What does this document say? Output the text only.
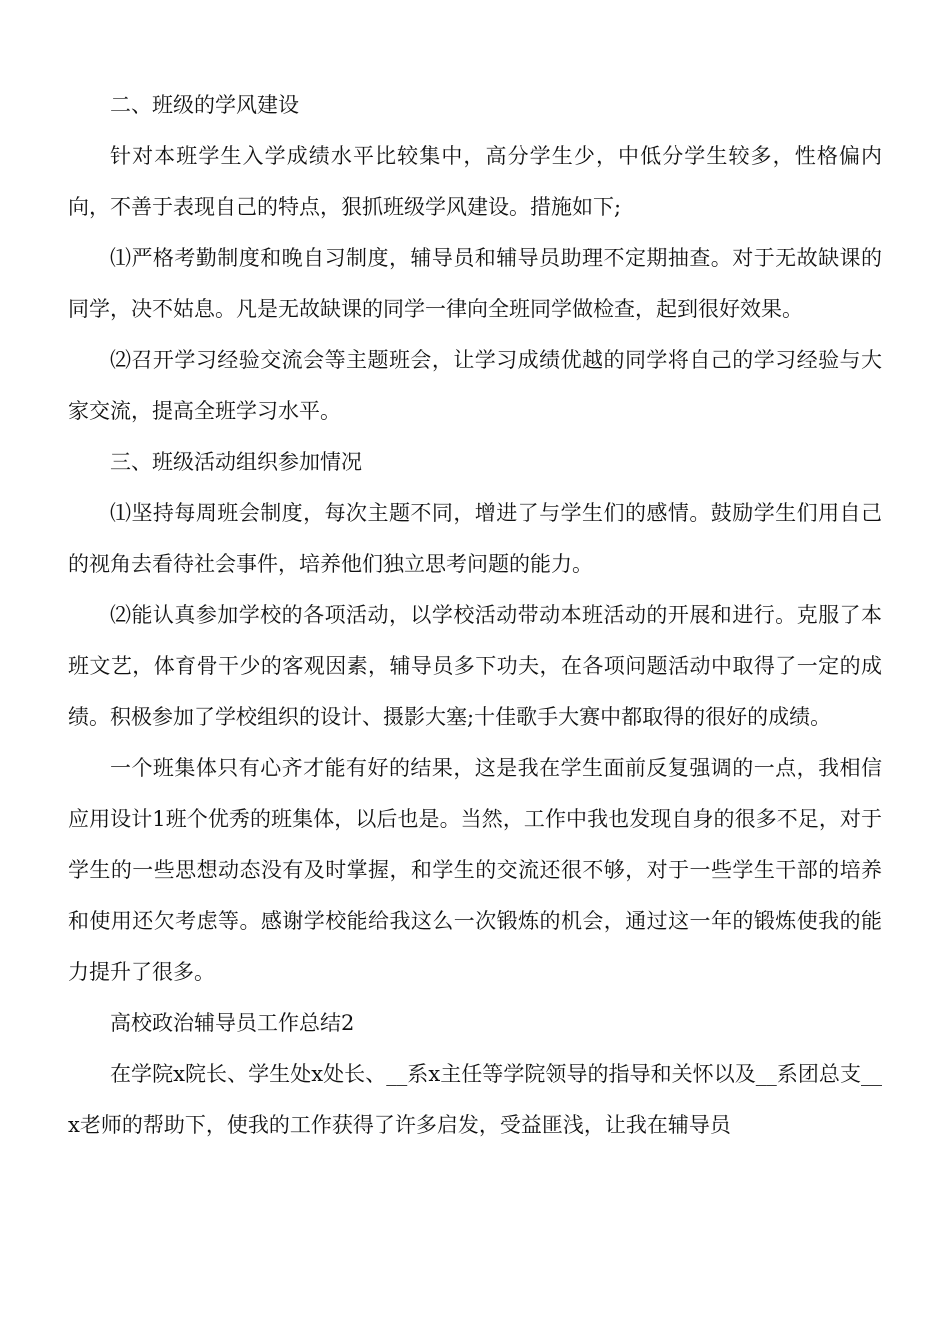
二、班级的学风建设

针对本班学生入学成绩水平比较集中，高分学生少，中低分学生较多，性格偏内向，不善于表现自己的特点，狠抓班级学风建设。措施如下;

⑴严格考勤制度和晚自习制度，辅导员和辅导员助理不定期抽查。对于无故缺课的同学，决不姑息。凡是无故缺课的同学一律向全班同学做检查，起到很好效果。

⑵召开学习经验交流会等主题班会，让学习成绩优越的同学将自己的学习经验与大家交流，提高全班学习水平。

三、班级活动组织参加情况

⑴坚持每周班会制度，每次主题不同，增进了与学生们的感情。鼓励学生们用自己的视角去看待社会事件，培养他们独立思考问题的能力。

⑵能认真参加学校的各项活动，以学校活动带动本班活动的开展和进行。克服了本班文艺，体育骨干少的客观因素，辅导员多下功夫，在各项问题活动中取得了一定的成绩。积极参加了学校组织的设计、摄影大塞;十佳歌手大赛中都取得的很好的成绩。

一个班集体只有心齐才能有好的结果，这是我在学生面前反复强调的一点，我相信应用设计1班个优秀的班集体，以后也是。当然，工作中我也发现自身的很多不足，对于学生的一些思想动态没有及时掌握，和学生的交流还很不够，对于一些学生干部的培养和使用还欠考虑等。感谢学校能给我这么一次锻炼的机会，通过这一年的锻炼使我的能力提升了很多。

高校政治辅导员工作总结2

在学院x院长、学生处x处长、__系x主任等学院领导的指导和关怀以及__系团总支__x老师的帮助下，使我的工作获得了许多启发，受益匪浅，让我在辅导员
